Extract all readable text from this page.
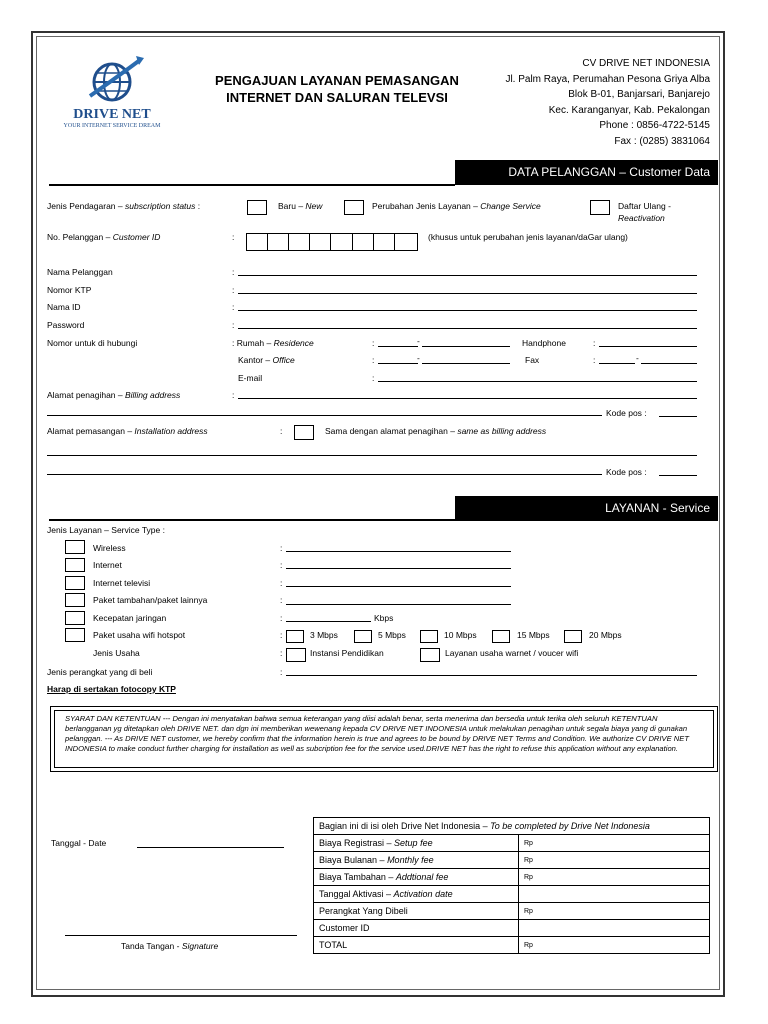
DRIVE NET
YOUR INTERNET SERVICE DREAM
PENGAJUAN LAYANAN PEMASANGAN
INTERNET DAN SALURAN TELEVSI
CV DRIVE NET INDONESIA
Jl. Palm Raya, Perumahan Pesona Griya Alba
Blok B-01, Banjarsari, Banjarejo
Kec. Karanganyar, Kab. Pekalongan
Phone : 0856-4722-5145
Fax : (0285) 3831064
DATA PELANGGAN – Customer Data
Jenis Pendagaran – subscription status :	Baru – New	Perubahan Jenis Layanan – Change Service	Daftar Ulang -
Reactivation
No. Pelanggan – Customer ID	:	(khusus untuk perubahan jenis layanan/daGar ulang)
Nama Pelanggan	:
Nomor KTP	:
Nama ID	:
Password	:
Nomor untuk di hubungi	: Rumah – Residence	:	-	Handphone	:
Kantor – Office	:	-	Fax	:	-
E-mail	:
Alamat penagihan – Billing address	:
Kode pos :
Alamat pemasangan – Installation address	:	Sama dengan alamat penagihan – same as billing address
Kode pos :
LAYANAN - Service
Jenis Layanan – Service Type :
Wireless	:
Internet	:
Internet televisi	:
Paket tambahan/paket lainnya	:
Kecepatan jaringan	:	Kbps
Paket usaha wifi hotspot	:	3 Mbps	5 Mbps	10 Mbps	15 Mbps	20 Mbps
Jenis Usaha	:	Instansi Pendidikan	Layanan usaha warnet / voucer wifi
Jenis perangkat yang di beli	:
Harap di sertakan fotocopy KTP
SYARAT DAN KETENTUAN --- Dengan ini menyatakan bahwa semua keterangan yang diisi adalah benar, serta menerima dan bersedia untuk terika oleh seluruh KETENTUAN berlangganan yg ditetapkan oleh DRIVE NET. dan dgn ini memberikan wewenang kepada CV DRIVE NET INDONESIA untuk melakukan penagihan untuk segala biaya yang di gunakan pelanggan. --- As DRIVE NET customer, we hereby confirm that the information herein is true and agrees to be bound by DRIVE NET Terms and Condition. We authorize CV DRIVE NET INDONESIA to make conduct further charging for installation as well as subcription fee for the service used.DRIVE NET has the right to refuse this application without any explanation.
Tanggal - Date
Tanda Tangan - Signature
Bagian ini di isi oleh Drive Net Indonesia – To be completed by Drive Net Indonesia	
Biaya Registrasi – Setup fee	Rp
Biaya Bulanan – Monthly fee	Rp
Biaya Tambahan – Addtional fee	Rp
Tanggal Aktivasi – Activation date	
Perangkat Yang Dibeli	Rp
Customer ID	
TOTAL	Rp
